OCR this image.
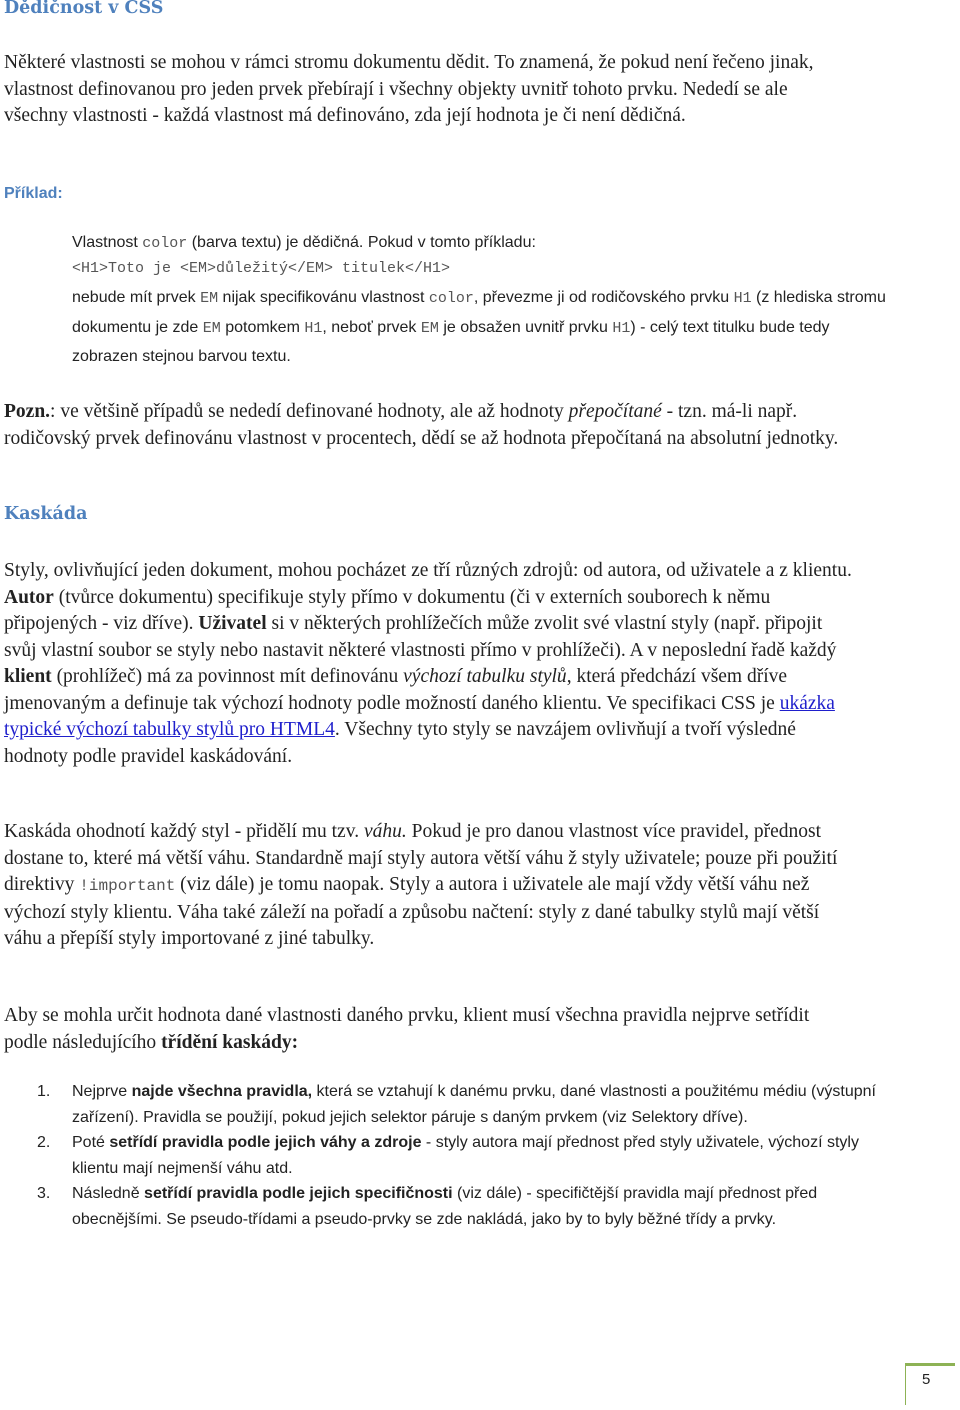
Dědičnost v CSS

Některé vlastnosti se mohou v rámci stromu dokumentu dědit. To znamená, že pokud není řečeno jinak, vlastnost definovanou pro jeden prvek přebírají i všechny objekty uvnitř tohoto prvku. Nededí se ale všechny vlastnosti - každá vlastnost má definováno, zda její hodnota je či není dědičná.

Příklad:

Vlastnost color (barva textu) je dědičná. Pokud v tomto příkladu:

<H1>Toto je <EM>důležitý</EM> titulek</H1>

nebude mít prvek EM nijak specifikovánu vlastnost color, převezme ji od rodičovského prvku H1 (z hlediska stromu dokumentu je zde EM potomkem H1, neboť prvek EM je obsažen uvnitř prvku H1) - celý text titulku bude tedy zobrazen stejnou barvou textu.

Pozn.: ve většině případů se nededí definované hodnoty, ale až hodnoty přepočítané - tzn. má-li např. rodičovský prvek definovánu vlastnost v procentech, dědí se až hodnota přepočítaná na absolutní jednotky.

Kaskáda

Styly, ovlivňující jeden dokument, mohou pocházet ze tří různých zdrojů: od autora, od uživatele a z klientu. Autor (tvůrce dokumentu) specifikuje styly přímo v dokumentu (či v externích souborech k němu připojených - viz dříve). Uživatel si v některých prohlížečích může zvolit své vlastní styly (např. připojit svůj vlastní soubor se styly nebo nastavit některé vlastnosti přímo v prohlížeči). A v neposlední řadě každý klient (prohlížeč) má za povinnost mít definovánu výchozí tabulku stylů, která předchází všem dříve jmenovaným a definuje tak výchozí hodnoty podle možností daného klientu. Ve specifikaci CSS je ukázka typické výchozí tabulky stylů pro HTML4. Všechny tyto styly se navzájem ovlivňují a tvoří výsledné hodnoty podle pravidel kaskádování.

Kaskáda ohodnotí každý styl - přidělí mu tzv. váhu. Pokud je pro danou vlastnost více pravidel, přednost dostane to, které má větší váhu. Standardně mají styly autora větší váhu ž styly uživatele; pouze při použití direktivy !important (viz dále) je tomu naopak. Styly a autora i uživatele ale mají vždy větší váhu než výchozí styly klientu. Váha také záleží na pořadí a způsobu načtení: styly z dané tabulky stylů mají větší váhu a přepíší styly importované z jiné tabulky.

Aby se mohla určit hodnota dané vlastnosti daného prvku, klient musí všechna pravidla nejprve setřídit podle následujícího třídění kaskády:

1. Nejprve najde všechna pravidla, která se vztahují k danému prvku, dané vlastnosti a použitému médiu (výstupní zařízení). Pravidla se použijí, pokud jejich selektor páruje s daným prvkem (viz Selektory dříve).
2. Poté setřídí pravidla podle jejich váhy a zdroje - styly autora mají přednost před styly uživatele, výchozí styly klientu mají nejmenší váhu atd.
3. Následně setřídí pravidla podle jejich specifičnosti (viz dále) - specifičtější pravidla mají přednost před obecnějšími. Se pseudo-třídami a pseudo-prvky se zde nakládá, jako by to byly běžné třídy a prvky.
5
